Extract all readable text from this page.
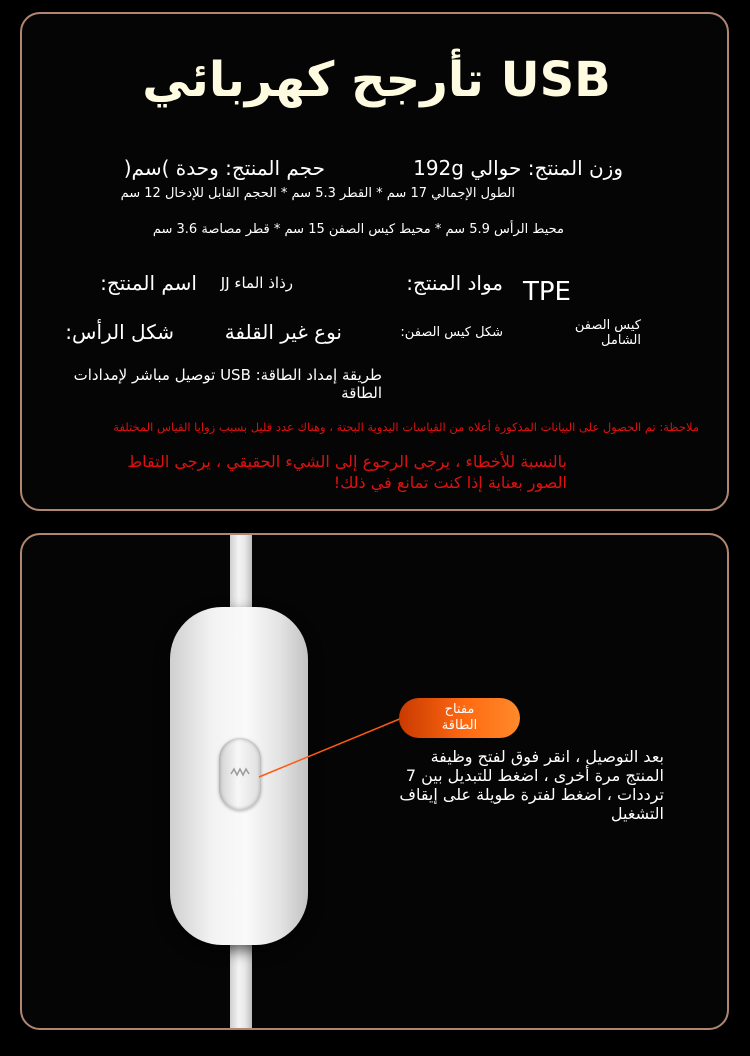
USB تأرجح كهربائي
وزن المنتج: حوالي 192g
حجم المنتج: وحدة )سم(
الطول الإجمالي 17 سم * القطر 5.3 سم * الحجم القابل للإدخال 12 سم
محيط الرأس 5.9 سم * محيط كيس الصفن 15 سم * قطر مصاصة 3.6 سم
TPE
مواد المنتج:
رذاذ الماء JJ
اسم المنتج:
كيس الصفن
الشامل
شكل كيس الصفن:
نوع غير القلفة
شكل الرأس:
طريقة إمداد الطاقة: USB توصيل مباشر لإمدادات
الطاقة
ملاحظة: تم الحصول على البيانات المذكورة أعلاه من القياسات اليدوية البحتة ، وهناك عدد قليل بسبب زوايا القياس المختلفة
بالنسبة للأخطاء ، يرجى الرجوع إلى الشيء الحقيقي ، يرجى التقاط الصور بعناية إذا كنت تمانع في ذلك!
مفتاح
الطاقة
بعد التوصيل ، انقر فوق لفتح وظيفة المنتج مرة أخرى ، اضغط للتبديل بين 7 ترددات ، اضغط لفترة طويلة على إيقاف التشغيل
